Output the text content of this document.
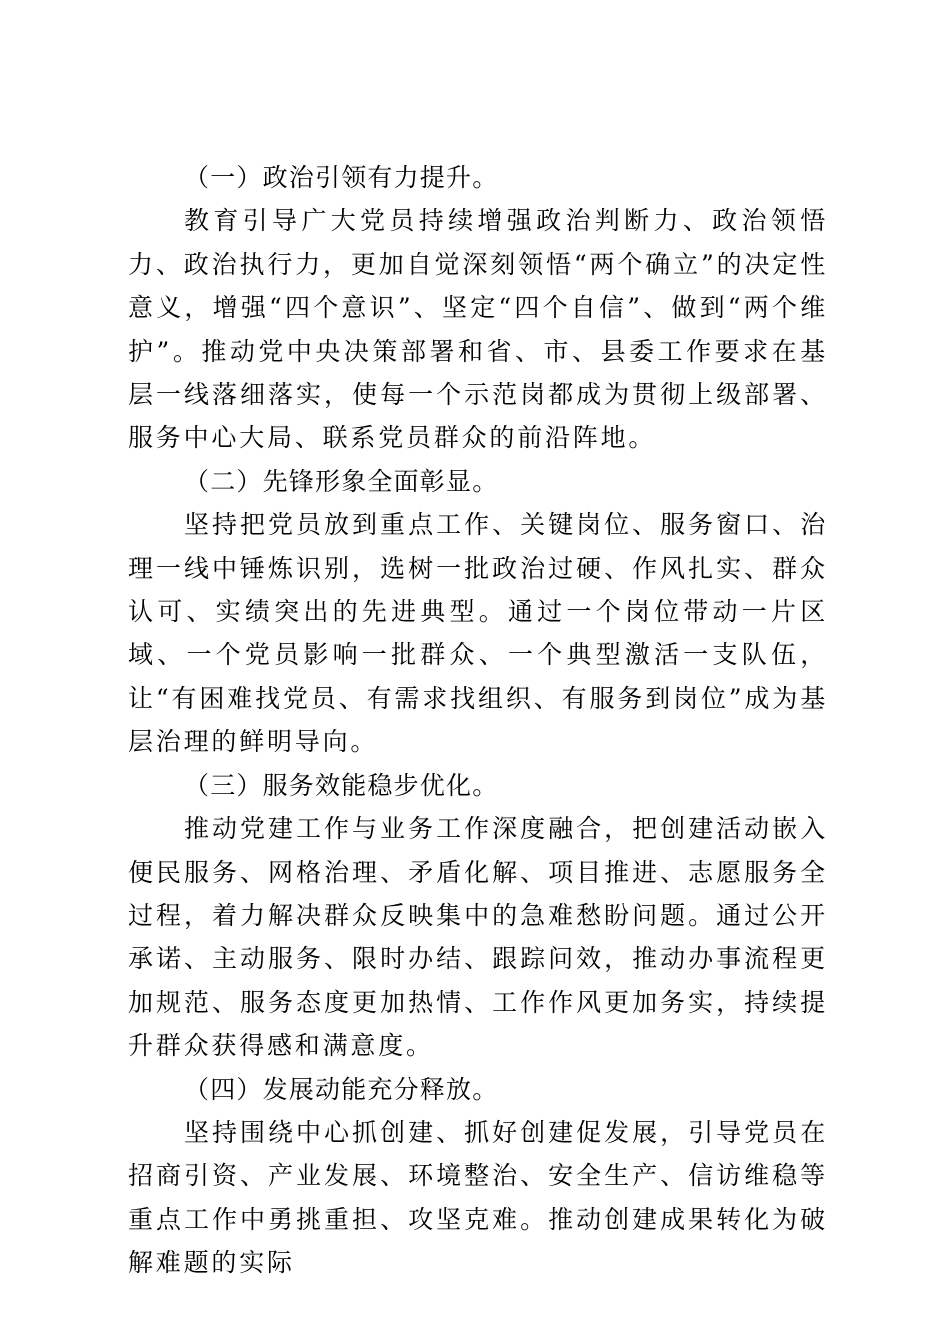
（一）政治引领有力提升。

教育引导广大党员持续增强政治判断力、政治领悟力、政治执行力，更加自觉深刻领悟“两个确立”的决定性意义，增强“四个意识”、坚定“四个自信”、做到“两个维护”。推动党中央决策部署和省、市、县委工作要求在基层一线落细落实，使每一个示范岗都成为贯彻上级部署、服务中心大局、联系党员群众的前沿阵地。

（二）先锋形象全面彰显。

坚持把党员放到重点工作、关键岗位、服务窗口、治理一线中锤炼识别，选树一批政治过硬、作风扎实、群众认可、实绩突出的先进典型。通过一个岗位带动一片区域、一个党员影响一批群众、一个典型激活一支队伍，让“有困难找党员、有需求找组织、有服务到岗位”成为基层治理的鲜明导向。

（三）服务效能稳步优化。

推动党建工作与业务工作深度融合，把创建活动嵌入便民服务、网格治理、矛盾化解、项目推进、志愿服务全过程，着力解决群众反映集中的急难愁盼问题。通过公开承诺、主动服务、限时办结、跟踪问效，推动办事流程更加规范、服务态度更加热情、工作作风更加务实，持续提升群众获得感和满意度。

（四）发展动能充分释放。

坚持围绕中心抓创建、抓好创建促发展，引导党员在招商引资、产业发展、环境整治、安全生产、信访维稳等重点工作中勇挑重担、攻坚克难。推动创建成果转化为破解难题的实际
